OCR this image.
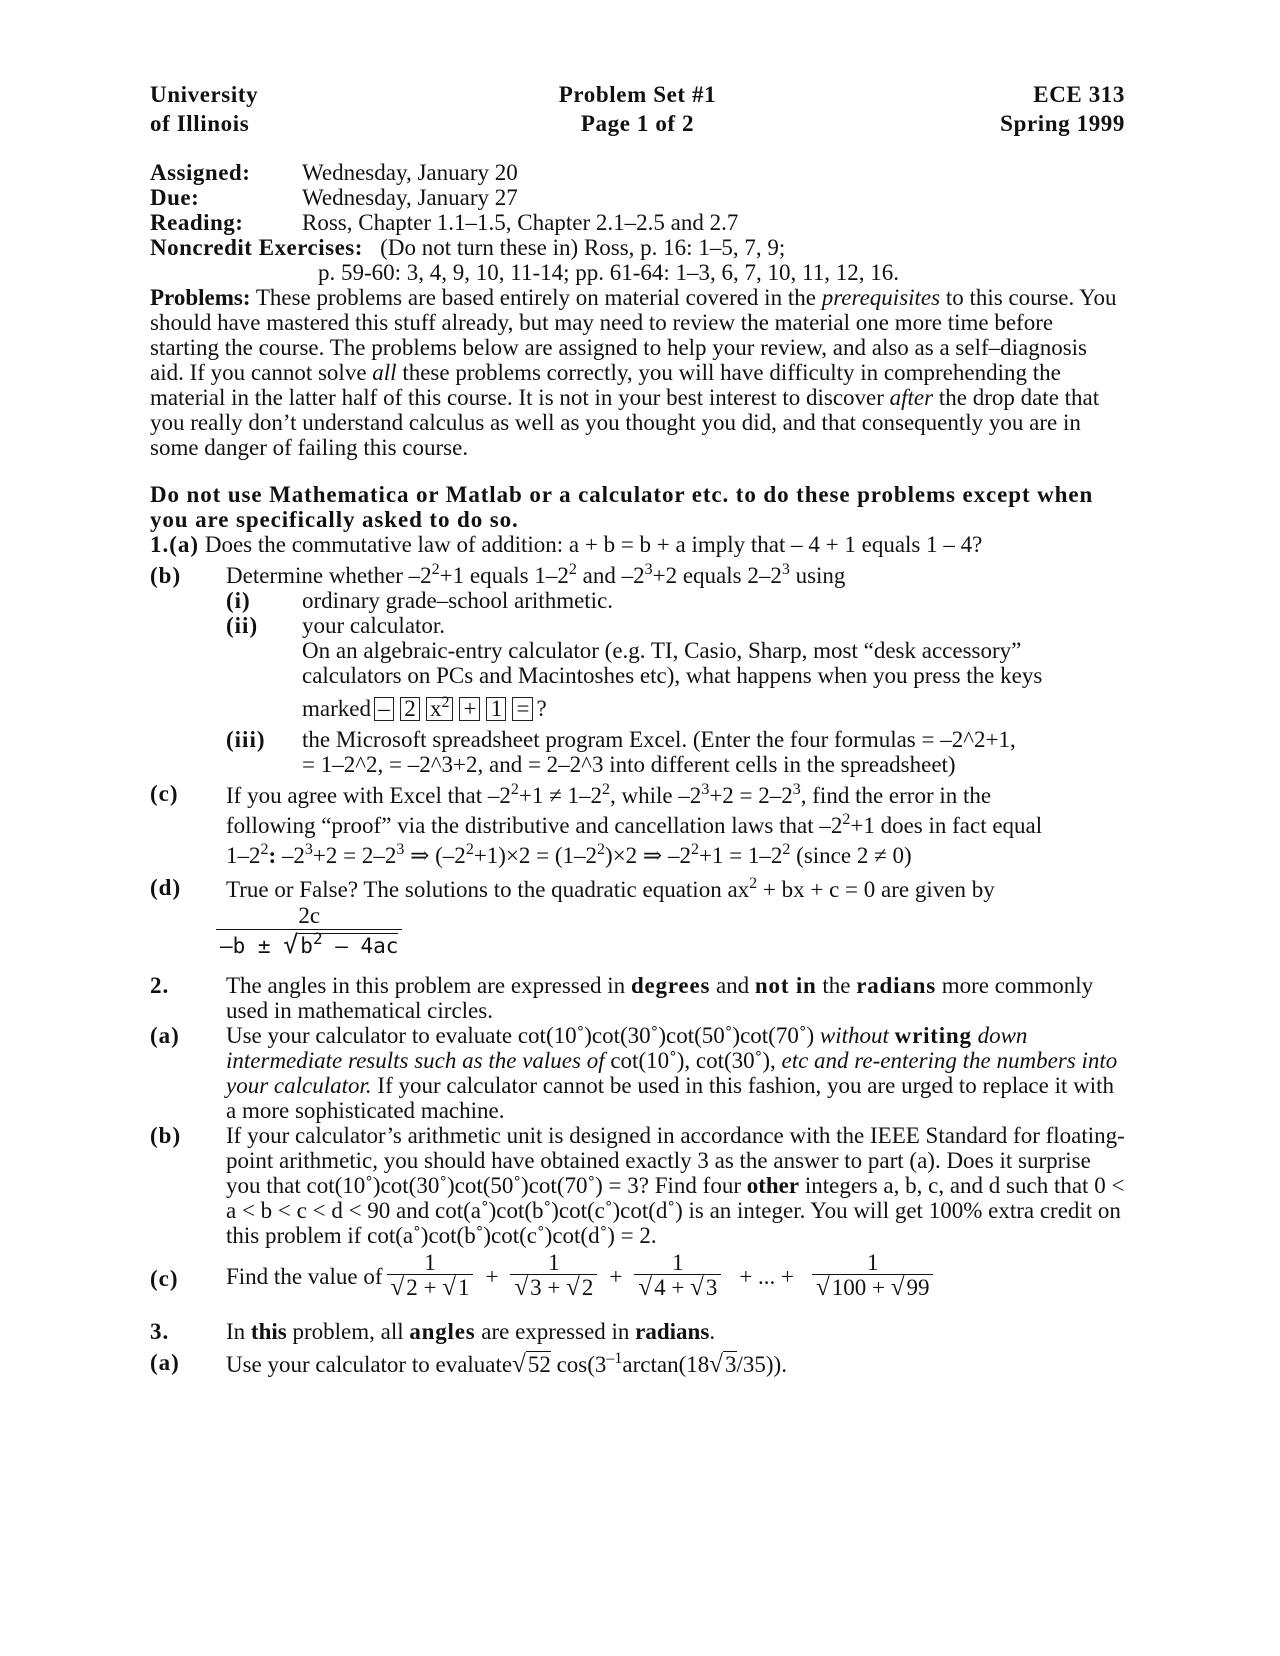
University
of Illinois
Problem Set #1
Page 1 of 2
ECE 313
Spring 1999
Assigned: Wednesday, January 20
Due:	Wednesday, January 27
Reading:	Ross, Chapter 1.1–1.5, Chapter 2.1–2.5 and 2.7
Noncredit Exercises: (Do not turn these in) Ross, p. 16: 1–5, 7, 9;
p. 59-60: 3, 4, 9, 10, 11-14; pp. 61-64: 1–3, 6, 7, 10, 11, 12, 16.

Problems: These problems are based entirely on material covered in the prerequisites to this course. You should have mastered this stuff already, but may need to review the material one more time before starting the course. The problems below are assigned to help your review, and also as a self–diagnosis aid. If you cannot solve all these problems correctly, you will have difficulty in comprehending the material in the latter half of this course. It is not in your best interest to discover after the drop date that you really don’t understand calculus as well as you thought you did, and that consequently you are in some danger of failing this course.

Do not use Mathematica or Matlab or a calculator etc. to do these problems except when you are specifically asked to do so.

1.(a) Does the commutative law of addition: a + b = b + a imply that – 4 + 1 equals 1 – 4?
(b) Determine whether $-2^2+1$ equals $1-2^2$ and $-2^3+2$ equals $2-2^3$ using
(i) ordinary grade–school arithmetic.
(ii) your calculator.
On an algebraic-entry calculator (e.g. TI, Casio, Sharp, most “desk accessory” calculators on PCs and Macintoshes etc), what happens when you press the keys
marked – 2 $x^2 + 1$ = ?
(iii) the Microsoft spreadsheet program Excel. (Enter the four formulas = –2^2+1,
= 1–2^2, = –2^3+2, and = 2–2^3 into different cells in the spreadsheet)
(c) If you agree with Excel that $-2^2+1 \ne 1-2^2$, while $-2^3+2 = 2-2^3$, find the error in the
following “proof” via the distributive and cancellation laws that $-2^2+1$ does in fact equal
$1-2^2$: $-2^3+2 = 2-2^3$ ⇒ $(-2^2+1)\times 2 = (1-2^2)\times 2$ ⇒ $-2^2+1 = 1-2^2$ (since 2 ≠ 0)
(d) True or False? The solutions to the quadratic equation $ax^2$ + bx + c = 0 are given by
$\frac{2c}{-b \pm √b^2 - 4ac}$
2. The angles in this problem are expressed in degrees and not in the radians more commonly used in mathematical circles.
(a) Use your calculator to evaluate cot(10˚)cot(30˚)cot(50˚)cot(70˚) without writing down intermediate results such as the values of cot(10˚), cot(30˚), etc and re-entering the numbers into your calculator. If your calculator cannot be used in this fashion, you are urged to replace it with a more sophisticated machine.
(b) If your calculator’s arithmetic unit is designed in accordance with the IEEE Standard for floating-point arithmetic, you should have obtained exactly 3 as the answer to part (a). Does it surprise you that cot(10˚)cot(30˚)cot(50˚)cot(70˚) = 3? Find four other integers a, b, c, and d such that 0 < a < b < c < d < 90 and cot(a˚)cot(b˚)cot(c˚)cot(d˚) is an integer. You will get 100% extra credit on this problem if cot(a˚)cot(b˚)cot(c˚)cot(d˚) = 2.
(c) Find the value of $\frac{1}{√2 + √1} + \frac{1}{√3 + √2} + \frac{1}{√4 + √3}$ + ... + $\frac{1}{√100 + √99}$
3. In this problem, all angles are expressed in radians.
(a) Use your calculator to evaluate√52 $\cos(3^{-1}\arctan(18√3/35))$.
